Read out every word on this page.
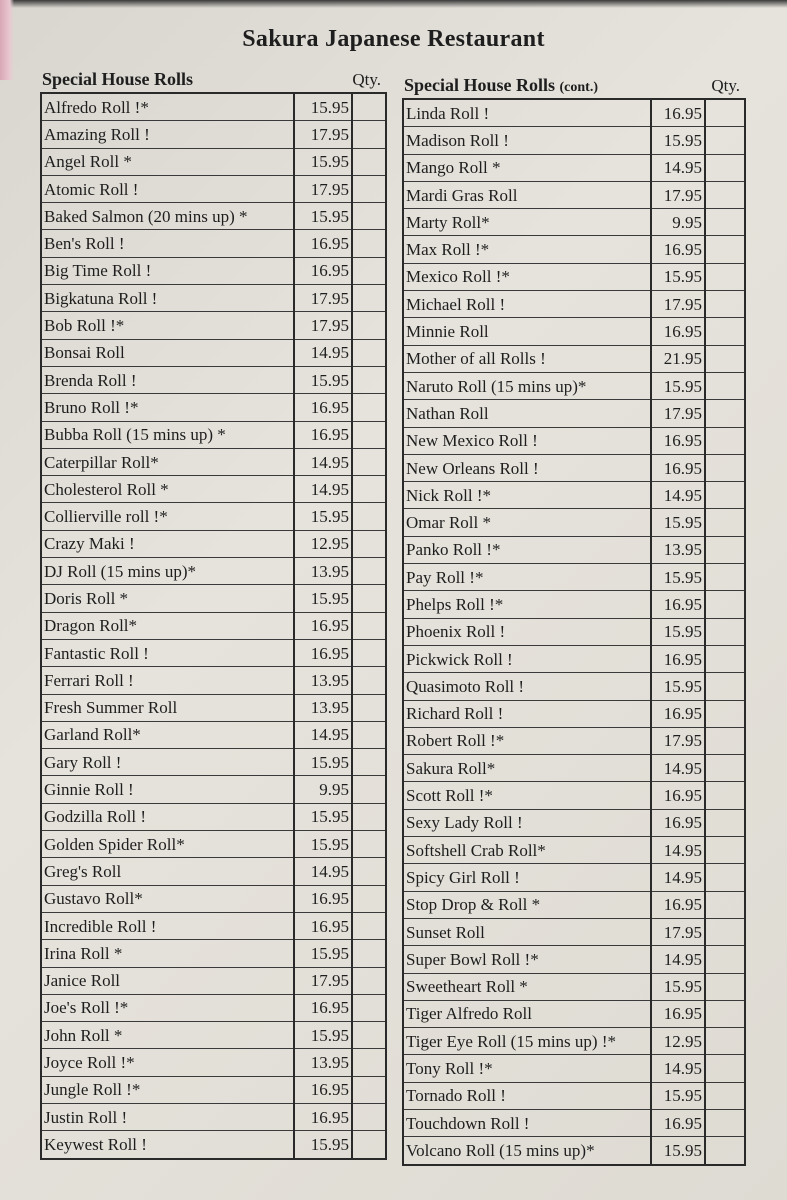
Sakura Japanese Restaurant
Special House Rolls	Qty.
Alfredo Roll !*	15.95	
Amazing Roll !	17.95	
Angel Roll *	15.95	
Atomic Roll !	17.95	
Baked Salmon (20 mins up) *	15.95	
Ben's Roll !	16.95	
Big Time Roll !	16.95	
Bigkatuna Roll !	17.95	
Bob Roll !*	17.95	
Bonsai Roll	14.95	
Brenda Roll !	15.95	
Bruno Roll !*	16.95	
Bubba Roll (15 mins up) *	16.95	
Caterpillar Roll*	14.95	
Cholesterol Roll *	14.95	
Collierville roll !*	15.95	
Crazy Maki !	12.95	
DJ Roll (15 mins up)*	13.95	
Doris Roll *	15.95	
Dragon Roll*	16.95	
Fantastic Roll !	16.95	
Ferrari Roll !	13.95	
Fresh Summer Roll	13.95	
Garland Roll*	14.95	
Gary Roll !	15.95	
Ginnie Roll !	9.95	
Godzilla Roll !	15.95	
Golden Spider Roll*	15.95	
Greg's Roll	14.95	
Gustavo Roll*	16.95	
Incredible Roll !	16.95	
Irina Roll *	15.95	
Janice Roll	17.95	
Joe's Roll !*	16.95	
John Roll *	15.95	
Joyce Roll !*	13.95	
Jungle Roll !*	16.95	
Justin Roll !	16.95	
Keywest Roll !	15.95	
Special House Rolls (cont.)	Qty.
Linda Roll !	16.95	
Madison Roll !	15.95	
Mango Roll *	14.95	
Mardi Gras Roll	17.95	
Marty Roll*	9.95	
Max Roll !*	16.95	
Mexico Roll !*	15.95	
Michael Roll !	17.95	
Minnie Roll	16.95	
Mother of all Rolls !	21.95	
Naruto Roll (15 mins up)*	15.95	
Nathan Roll	17.95	
New Mexico Roll !	16.95	
New Orleans Roll !	16.95	
Nick Roll !*	14.95	
Omar Roll *	15.95	
Panko Roll !*	13.95	
Pay Roll !*	15.95	
Phelps Roll !*	16.95	
Phoenix Roll !	15.95	
Pickwick Roll !	16.95	
Quasimoto Roll !	15.95	
Richard Roll !	16.95	
Robert Roll !*	17.95	
Sakura Roll*	14.95	
Scott Roll !*	16.95	
Sexy Lady Roll !	16.95	
Softshell Crab Roll*	14.95	
Spicy Girl Roll !	14.95	
Stop Drop & Roll *	16.95	
Sunset Roll	17.95	
Super Bowl Roll !*	14.95	
Sweetheart Roll *	15.95	
Tiger Alfredo Roll	16.95	
Tiger Eye Roll (15 mins up) !*	12.95	
Tony Roll !*	14.95	
Tornado Roll !	15.95	
Touchdown Roll !	16.95	
Volcano Roll (15 mins up)*	15.95	
